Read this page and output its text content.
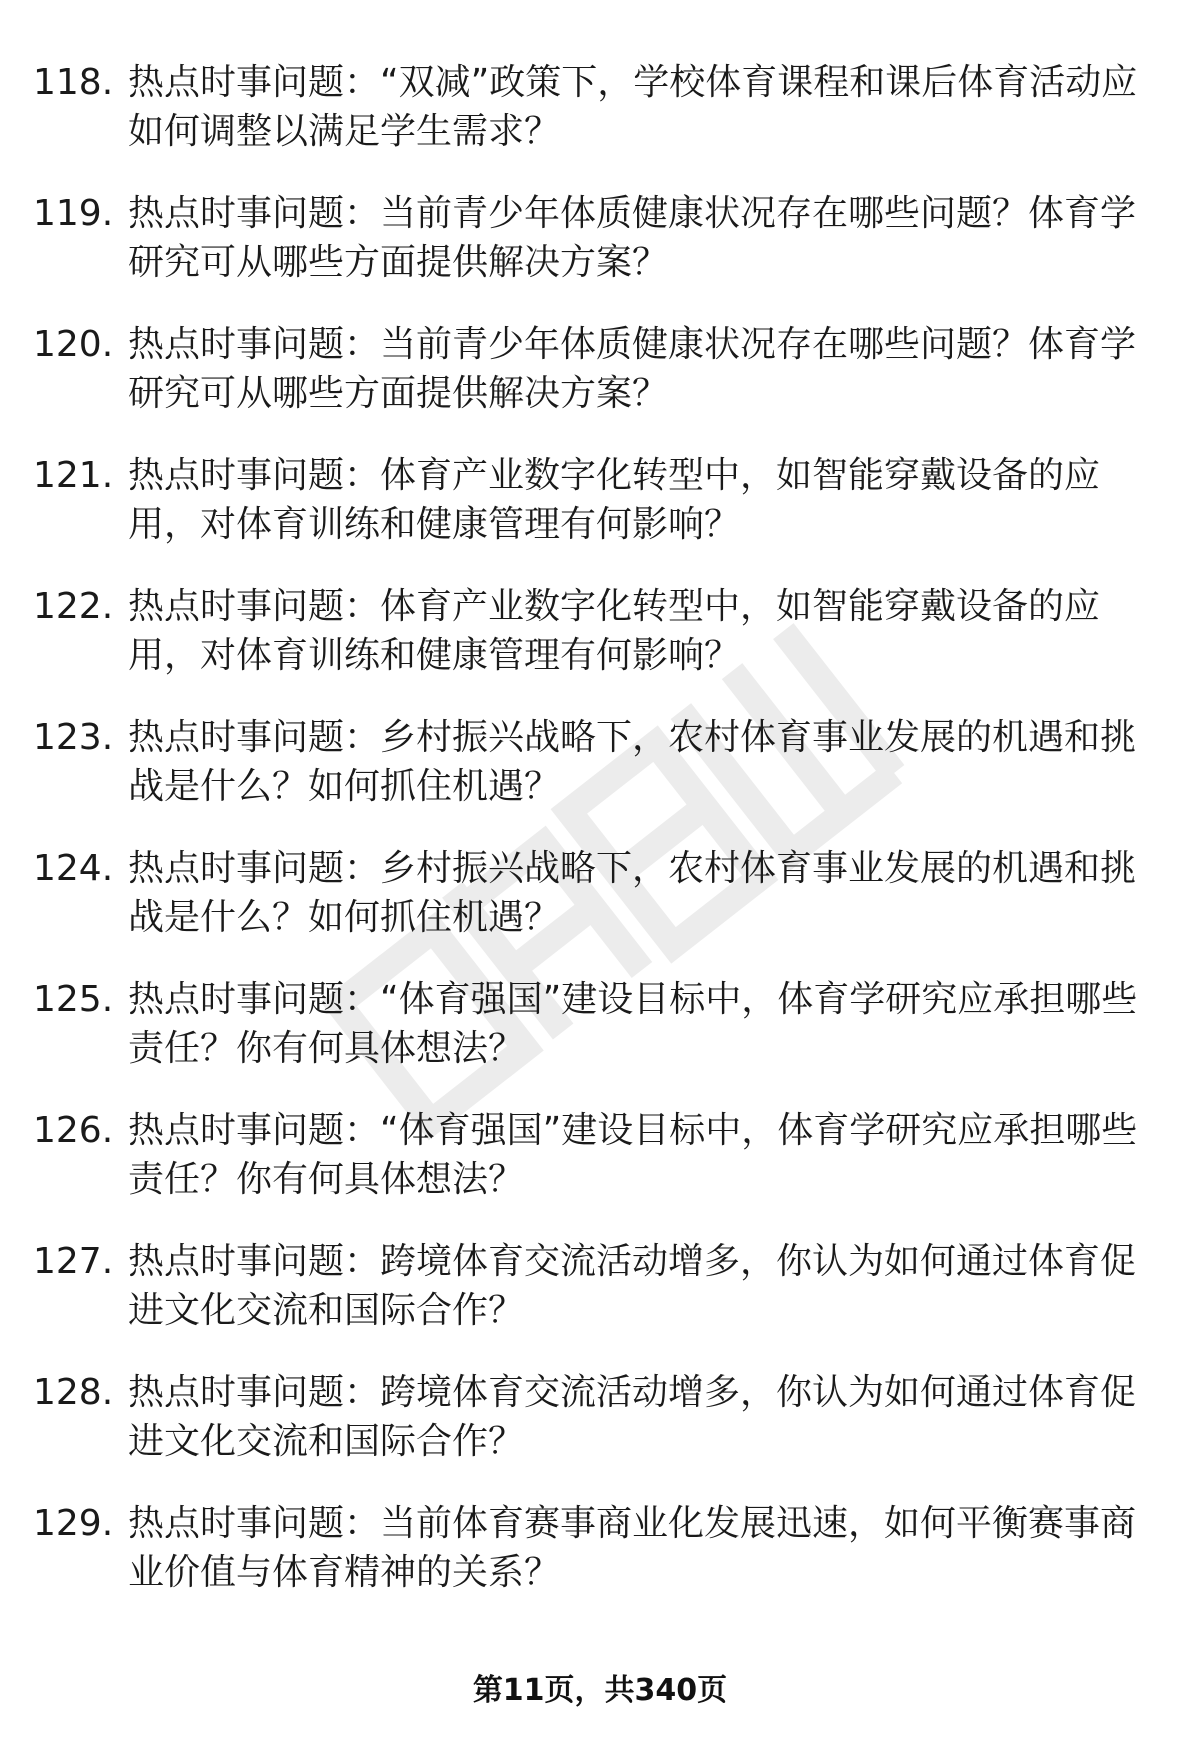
118. 热点时事问题：“双减”政策下，学校体育课程和课后体育活动应如何调整以满足学生需求？
119. 热点时事问题：当前青少年体质健康状况存在哪些问题？体育学研究可从哪些方面提供解决方案？
120. 热点时事问题：当前青少年体质健康状况存在哪些问题？体育学研究可从哪些方面提供解决方案？
121. 热点时事问题：体育产业数字化转型中，如智能穿戴设备的应用，对体育训练和健康管理有何影响？
122. 热点时事问题：体育产业数字化转型中，如智能穿戴设备的应用，对体育训练和健康管理有何影响？
123. 热点时事问题：乡村振兴战略下，农村体育事业发展的机遇和挑战是什么？如何抓住机遇？
124. 热点时事问题：乡村振兴战略下，农村体育事业发展的机遇和挑战是什么？如何抓住机遇？
125. 热点时事问题：“体育强国”建设目标中，体育学研究应承担哪些责任？你有何具体想法？
126. 热点时事问题：“体育强国”建设目标中，体育学研究应承担哪些责任？你有何具体想法？
127. 热点时事问题：跨境体育交流活动增多，你认为如何通过体育促进文化交流和国际合作？
128. 热点时事问题：跨境体育交流活动增多，你认为如何通过体育促进文化交流和国际合作？
129. 热点时事问题：当前体育赛事商业化发展迅速，如何平衡赛事商业价值与体育精神的关系？
第11页，共340页
